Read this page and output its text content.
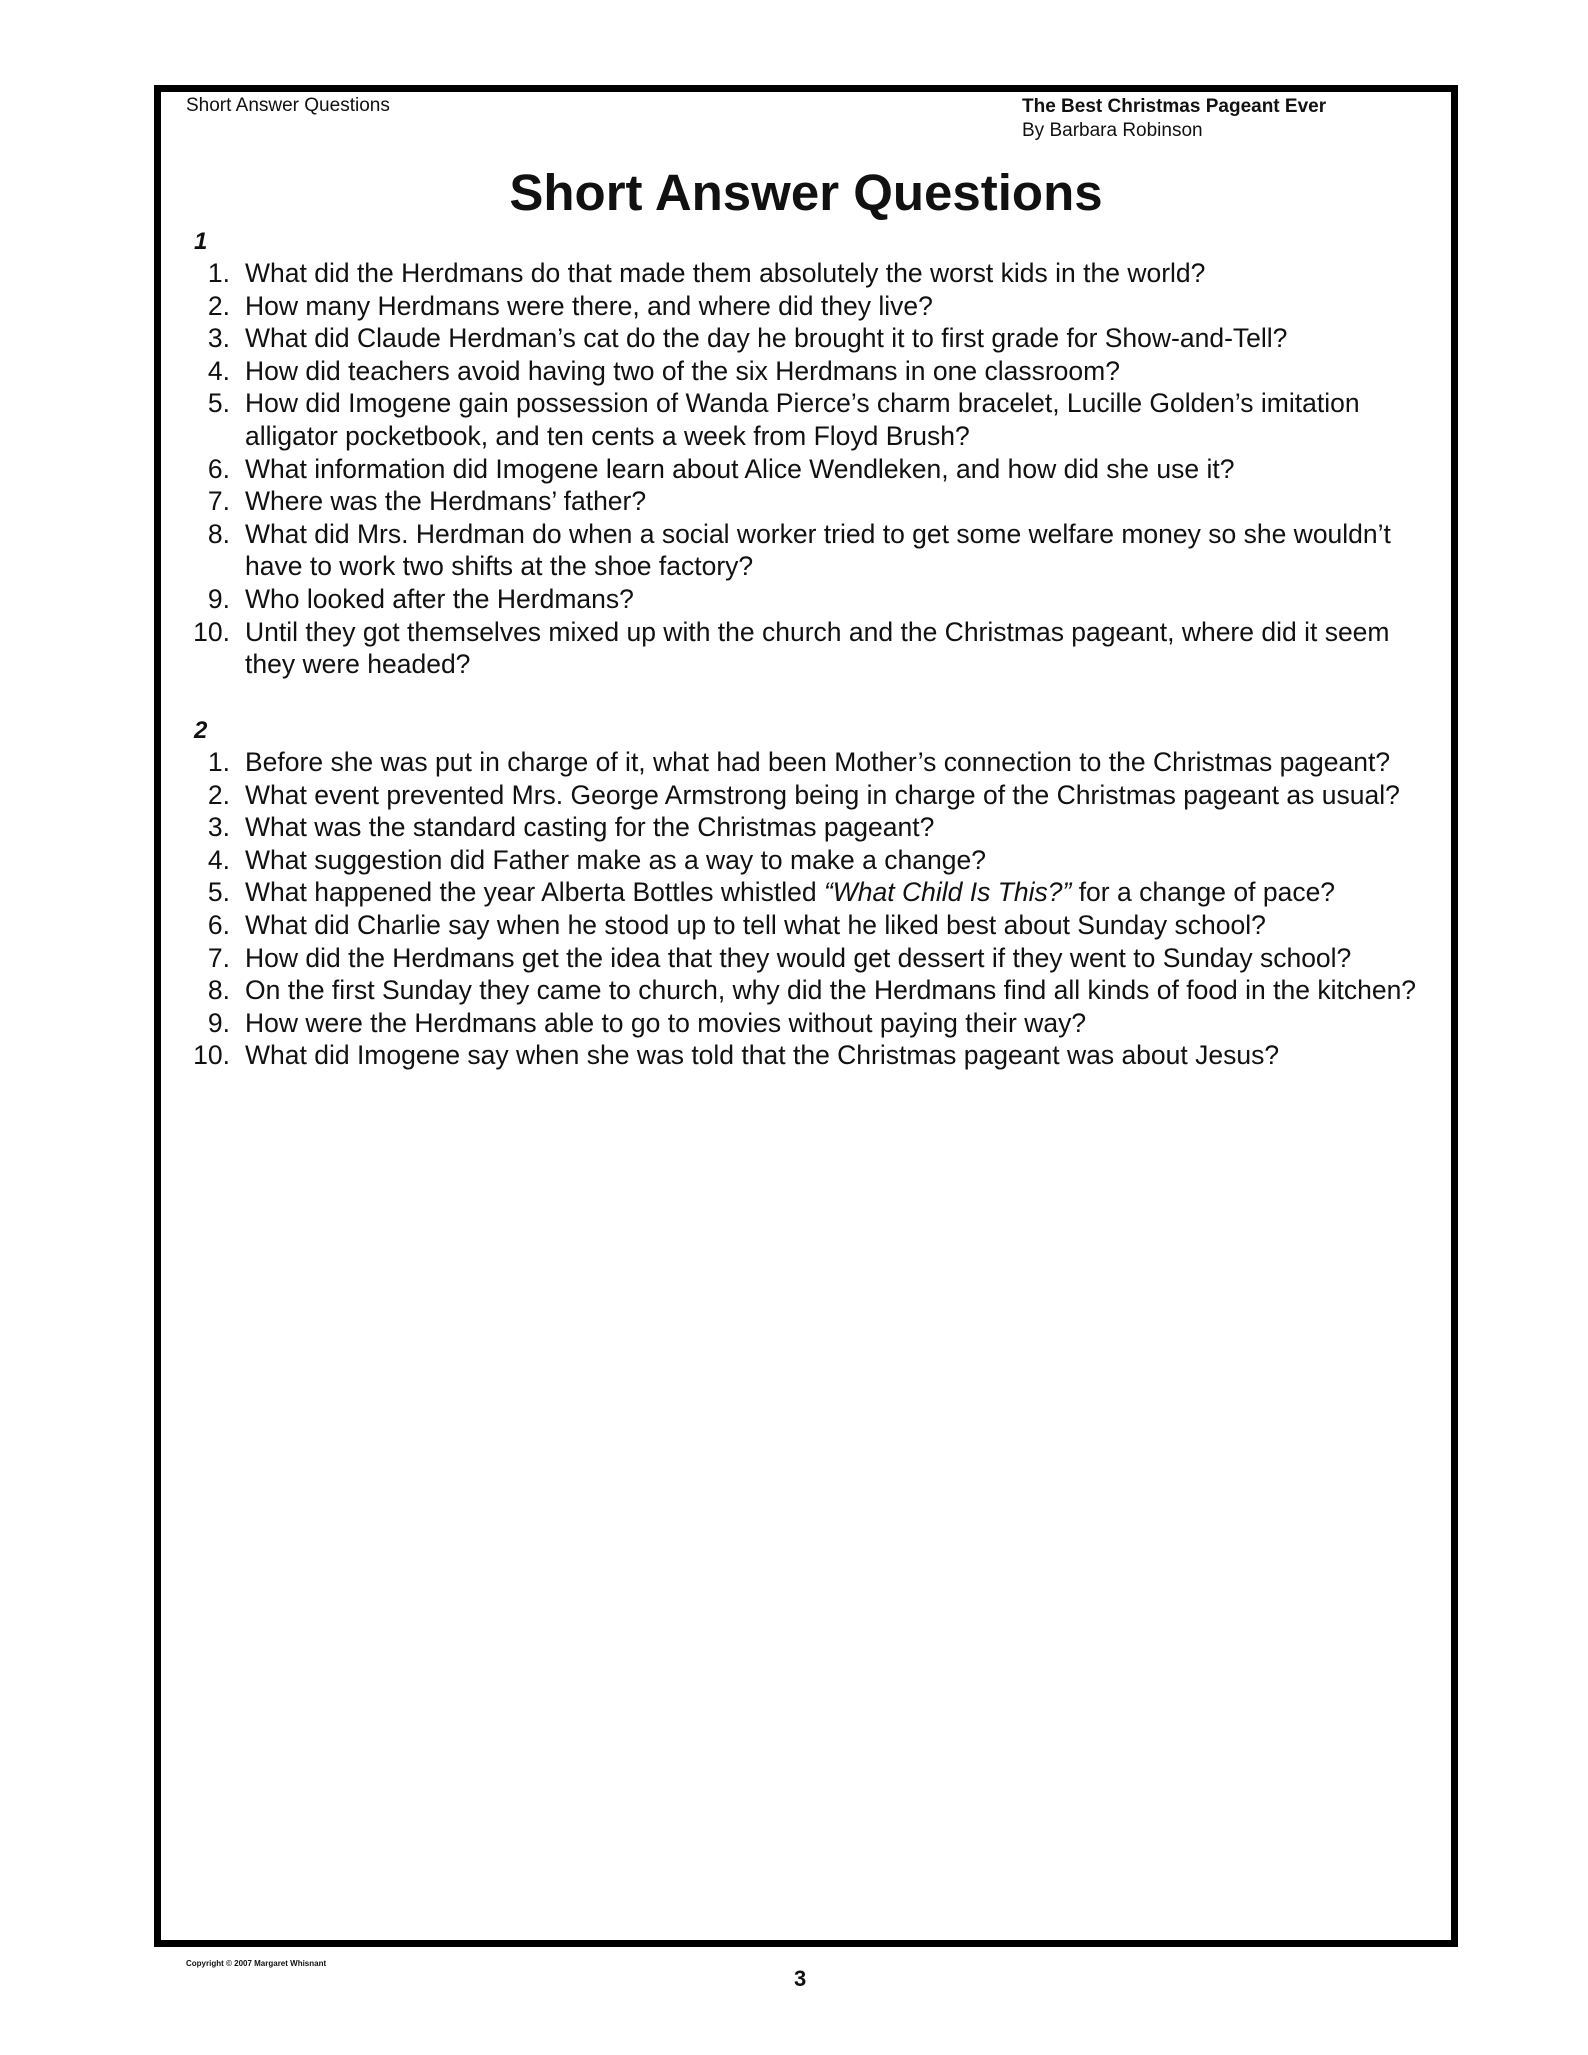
Short Answer Questions	The Best Christmas Pageant Ever
By Barbara Robinson
Short Answer Questions
1
1. What did the Herdmans do that made them absolutely the worst kids in the world?
2. How many Herdmans were there, and where did they live?
3. What did Claude Herdman’s cat do the day he brought it to first grade for Show-and-Tell?
4. How did teachers avoid having two of the six Herdmans in one classroom?
5. How did Imogene gain possession of Wanda Pierce’s charm bracelet, Lucille Golden’s imitation alligator pocketbook, and ten cents a week from Floyd Brush?
6. What information did Imogene learn about Alice Wendleken, and how did she use it?
7. Where was the Herdmans’ father?
8. What did Mrs. Herdman do when a social worker tried to get some welfare money so she wouldn’t have to work two shifts at the shoe factory?
9. Who looked after the Herdmans?
10. Until they got themselves mixed up with the church and the Christmas pageant, where did it seem they were headed?
2
1. Before she was put in charge of it, what had been Mother’s connection to the Christmas pageant?
2. What event prevented Mrs. George Armstrong being in charge of the Christmas pageant as usual?
3. What was the standard casting for the Christmas pageant?
4. What suggestion did Father make as a way to make a change?
5. What happened the year Alberta Bottles whistled “What Child Is This?” for a change of pace?
6. What did Charlie say when he stood up to tell what he liked best about Sunday school?
7. How did the Herdmans get the idea that they would get dessert if they went to Sunday school?
8. On the first Sunday they came to church, why did the Herdmans find all kinds of food in the kitchen?
9. How were the Herdmans able to go to movies without paying their way?
10. What did Imogene say when she was told that the Christmas pageant was about Jesus?
Copyright © 2007 Margaret Whisnant
3
